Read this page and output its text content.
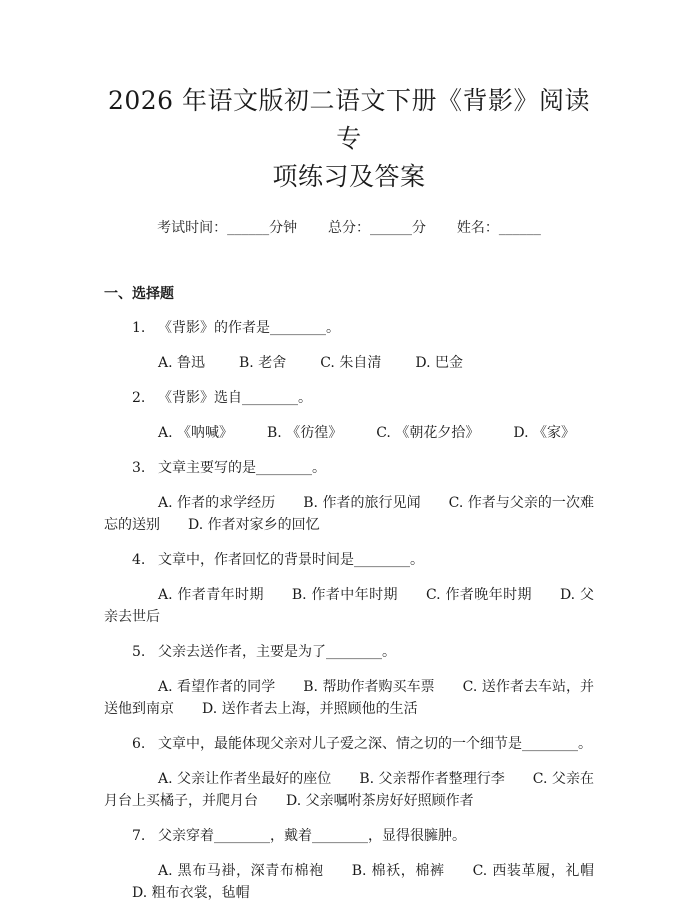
2026 年语文版初二语文下册《背影》阅读专
项练习及答案
考试时间：______分钟 总分：______分 姓名：______
一、选择题
1. 《背影》的作者是________。
A. 鲁迅 B. 老舍 C. 朱自清 D. 巴金
2. 《背影》选自________。
A. 《呐喊》 B. 《彷徨》 C. 《朝花夕拾》 D. 《家》
3. 文章主要写的是________。
A. 作者的求学经历 B. 作者的旅行见闻 C. 作者与父亲的一次难忘的送别 D. 作者对家乡的回忆
4. 文章中，作者回忆的背景时间是________。
A. 作者青年时期 B. 作者中年时期 C. 作者晚年时期 D. 父亲去世后
5. 父亲去送作者，主要是为了________。
A. 看望作者的同学 B. 帮助作者购买车票 C. 送作者去车站，并送他到南京 D. 送作者去上海，并照顾他的生活
6. 文章中，最能体现父亲对儿子爱之深、情之切的一个细节是________。
A. 父亲让作者坐最好的座位 B. 父亲帮作者整理行李 C. 父亲在月台上买橘子，并爬月台 D. 父亲嘱咐茶房好好照顾作者
7. 父亲穿着________，戴着________，显得很臃肿。
A. 黑布马褂，深青布棉袍 B. 棉袄，棉裤 C. 西装革履，礼帽D. 粗布衣裳，毡帽
